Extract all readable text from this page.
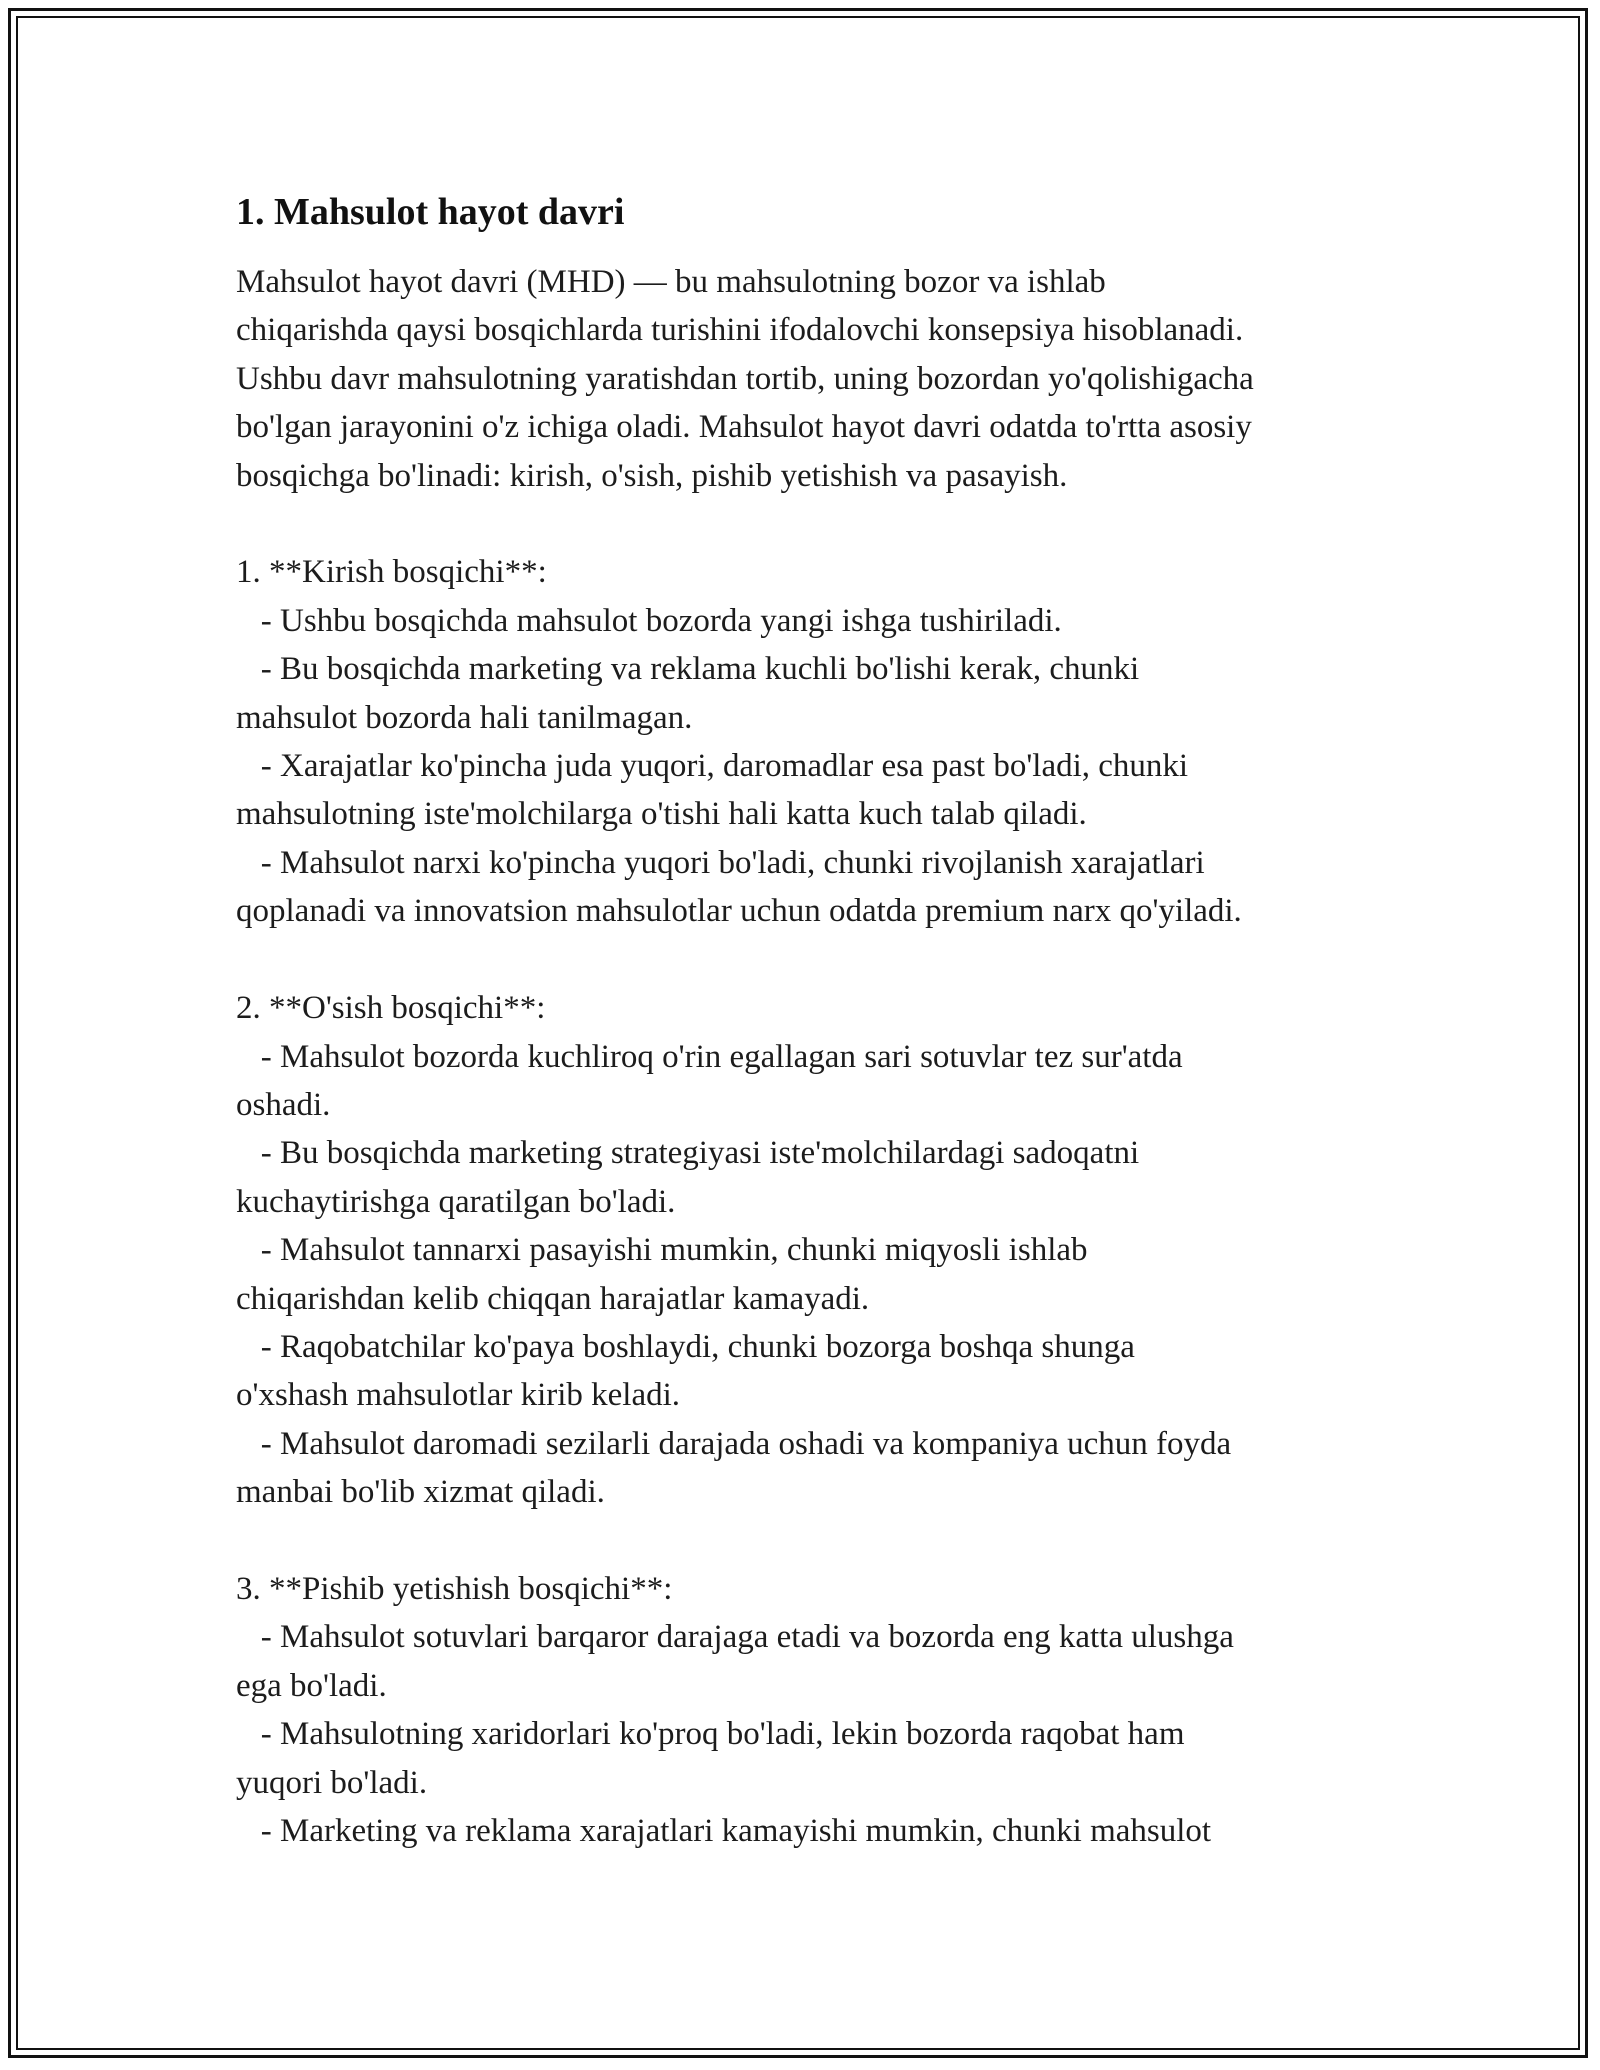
1. Mahsulot hayot davri

Mahsulot hayot davri (MHD) — bu mahsulotning bozor va ishlab
chiqarishda qaysi bosqichlarda turishini ifodalovchi konsepsiya hisoblanadi.
Ushbu davr mahsulotning yaratishdan tortib, uning bozordan yo'qolishigacha
bo'lgan jarayonini o'z ichiga oladi. Mahsulot hayot davri odatda to'rtta asosiy
bosqichga bo'linadi: kirish, o'sish, pishib yetishish va pasayish.

1. **Kirish bosqichi**:
- Ushbu bosqichda mahsulot bozorda yangi ishga tushiriladi.
- Bu bosqichda marketing va reklama kuchli bo'lishi kerak, chunki
mahsulot bozorda hali tanilmagan.
- Xarajatlar ko'pincha juda yuqori, daromadlar esa past bo'ladi, chunki
mahsulotning iste'molchilarga o'tishi hali katta kuch talab qiladi.
- Mahsulot narxi ko'pincha yuqori bo'ladi, chunki rivojlanish xarajatlari
qoplanadi va innovatsion mahsulotlar uchun odatda premium narx qo'yiladi.

2. **O'sish bosqichi**:
- Mahsulot bozorda kuchliroq o'rin egallagan sari sotuvlar tez sur'atda
oshadi.
- Bu bosqichda marketing strategiyasi iste'molchilardagi sadoqatni
kuchaytirishga qaratilgan bo'ladi.
- Mahsulot tannarxi pasayishi mumkin, chunki miqyosli ishlab
chiqarishdan kelib chiqqan harajatlar kamayadi.
- Raqobatchilar ko'paya boshlaydi, chunki bozorga boshqa shunga
o'xshash mahsulotlar kirib keladi.
- Mahsulot daromadi sezilarli darajada oshadi va kompaniya uchun foyda
manbai bo'lib xizmat qiladi.

3. **Pishib yetishish bosqichi**:
- Mahsulot sotuvlari barqaror darajaga etadi va bozorda eng katta ulushga
ega bo'ladi.
- Mahsulotning xaridorlari ko'proq bo'ladi, lekin bozorda raqobat ham
yuqori bo'ladi.
- Marketing va reklama xarajatlari kamayishi mumkin, chunki mahsulot
